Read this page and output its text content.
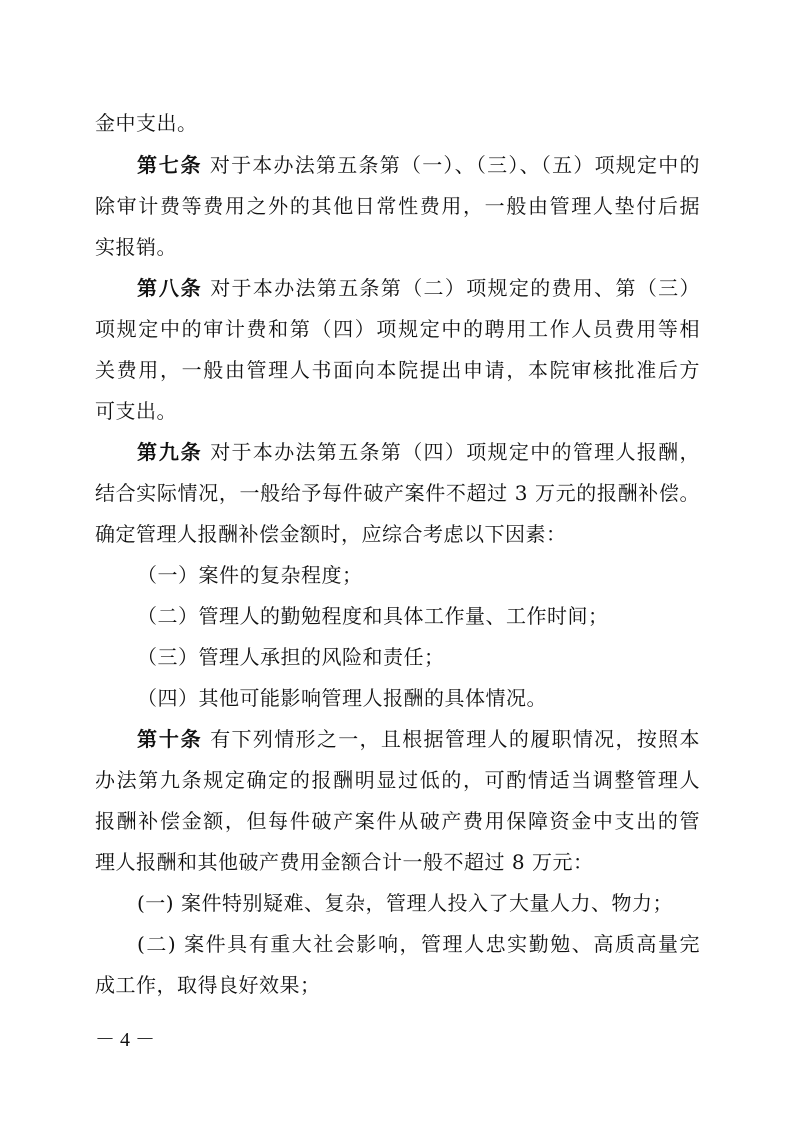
金中支出。
第七条 对于本办法第五条第（一）、（三）、（五）项规定中的
除审计费等费用之外的其他日常性费用，一般由管理人垫付后据
实报销。
第八条 对于本办法第五条第（二）项规定的费用、第（三）
项规定中的审计费和第（四）项规定中的聘用工作人员费用等相
关费用，一般由管理人书面向本院提出申请，本院审核批准后方
可支出。
第九条 对于本办法第五条第（四）项规定中的管理人报酬，
结合实际情况，一般给予每件破产案件不超过 3 万元的报酬补偿。
确定管理人报酬补偿金额时，应综合考虑以下因素：
（一）案件的复杂程度；
（二）管理人的勤勉程度和具体工作量、工作时间；
（三）管理人承担的风险和责任；
（四）其他可能影响管理人报酬的具体情况。
第十条 有下列情形之一，且根据管理人的履职情况，按照本
办法第九条规定确定的报酬明显过低的，可酌情适当调整管理人
报酬补偿金额，但每件破产案件从破产费用保障资金中支出的管
理人报酬和其他破产费用金额合计一般不超过 8 万元：
(一) 案件特别疑难、复杂，管理人投入了大量人力、物力；
(二) 案件具有重大社会影响，管理人忠实勤勉、高质高量完
成工作，取得良好效果；
－ 4 －
